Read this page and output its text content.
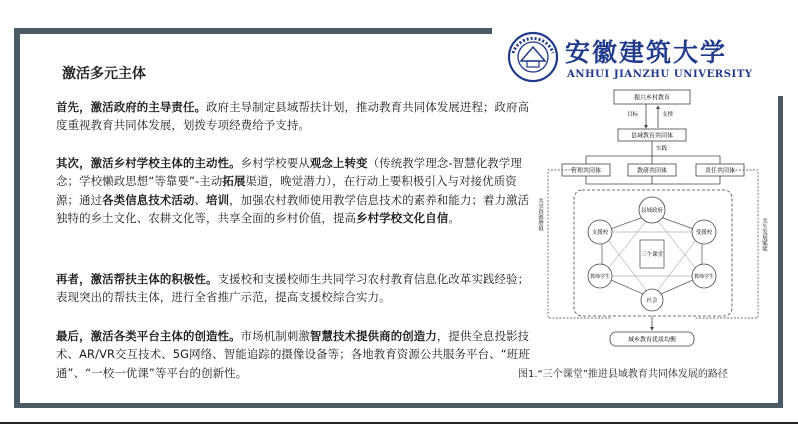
安徽建筑大学
ANHUI JIANZHU UNIVERSITY
激活多元主体
首先，激活政府的主导责任。政府主导制定县域帮扶计划，推动教育共同体发展进程；政府高度重视教育共同体发展，划拨专项经费给予支持。
其次，激活乡村学校主体的主动性。乡村学校要从观念上转变（传统教学理念-智慧化教学理念；学校懒政思想“等靠要”-主动拓展渠道，晚觉潜力），在行动上要积极引入与对接优质资源；通过各类信息技术活动、培训，加强农村教师使用教学信息技术的素养和能力；着力激活独特的乡土文化、农耕文化等，共享全面的乡村价值，提高乡村学校文化自信。
再者，激活帮扶主体的积极性。支援校和支援校师生共同学习农村教育信息化改革实践经验；表现突出的帮扶主体，进行全省推广示范，提高支援校综合实力。
最后，激活各类平台主体的创造性。市场机制刺激智慧技术提供商的创造力，提供全息投影技术、AR/VR交互技术、5G网络、智能追踪的摄像设备等；各地教育资源公共服务平台、“班班通”、“一校一优课”等平台的创新性。
振兴乡村教育
目标	支撑
县域教育共同体
实践
管理共同体	教研共同体	责任共同体
共享资源增值
共生发展赋能
三个课堂
县域政府
支援校	受援校
教师学生	教师学生
社会
城乡教育优质均衡
图1.“三个课堂”推进县域教育共同体发展的路径
